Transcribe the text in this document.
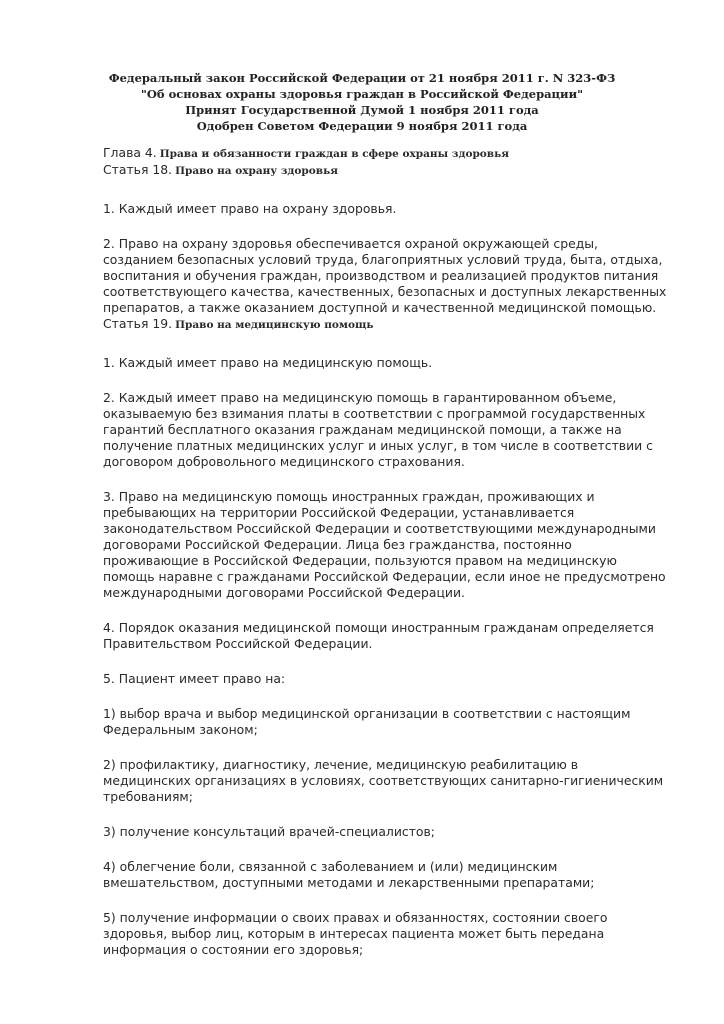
Федеральный закон Российской Федерации от 21 ноября 2011 г. N 323-ФЗ
"Об основах охраны здоровья граждан в Российской Федерации"
Принят Государственной Думой 1 ноября 2011 года
Одобрен Советом Федерации 9 ноября 2011 года
Глава 4. Права и обязанности граждан в сфере охраны здоровья
Статья 18. Право на охрану здоровья
1. Каждый имеет право на охрану здоровья.
2. Право на охрану здоровья обеспечивается охраной окружающей среды,
созданием безопасных условий труда, благоприятных условий труда, быта, отдыха,
воспитания и обучения граждан, производством и реализацией продуктов питания
соответствующего качества, качественных, безопасных и доступных лекарственных
препаратов, а также оказанием доступной и качественной медицинской помощью.
Статья 19. Право на медицинскую помощь
1. Каждый имеет право на медицинскую помощь.
2. Каждый имеет право на медицинскую помощь в гарантированном объеме,
оказываемую без взимания платы в соответствии с программой государственных
гарантий бесплатного оказания гражданам медицинской помощи, а также на
получение платных медицинских услуг и иных услуг, в том числе в соответствии с
договором добровольного медицинского страхования.
3. Право на медицинскую помощь иностранных граждан, проживающих и
пребывающих на территории Российской Федерации, устанавливается
законодательством Российской Федерации и соответствующими международными
договорами Российской Федерации. Лица без гражданства, постоянно
проживающие в Российской Федерации, пользуются правом на медицинскую
помощь наравне с гражданами Российской Федерации, если иное не предусмотрено
международными договорами Российской Федерации.
4. Порядок оказания медицинской помощи иностранным гражданам определяется
Правительством Российской Федерации.
5. Пациент имеет право на:
1) выбор врача и выбор медицинской организации в соответствии с настоящим
Федеральным законом;
2) профилактику, диагностику, лечение, медицинскую реабилитацию в
медицинских организациях в условиях, соответствующих санитарно-гигиеническим
требованиям;
3) получение консультаций врачей-специалистов;
4) облегчение боли, связанной с заболеванием и (или) медицинским
вмешательством, доступными методами и лекарственными препаратами;
5) получение информации о своих правах и обязанностях, состоянии своего
здоровья, выбор лиц, которым в интересах пациента может быть передана
информация о состоянии его здоровья;
